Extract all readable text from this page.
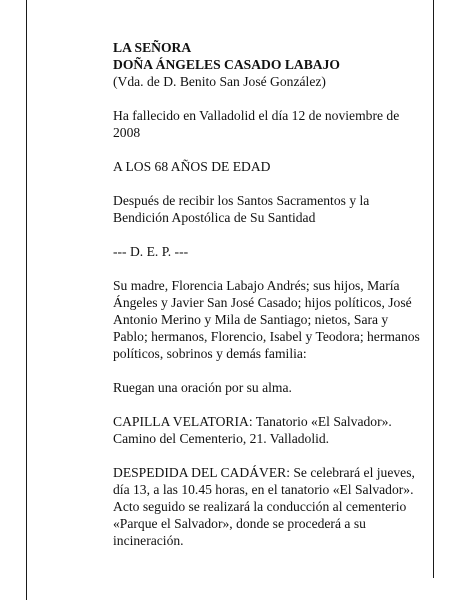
LA SEÑORA
DOÑA ÁNGELES CASADO LABAJO
(Vda. de D. Benito San José González)

Ha fallecido en Valladolid el día 12 de noviembre de 2008

A LOS 68 AÑOS DE EDAD

Después de recibir los Santos Sacramentos y la Bendición Apostólica de Su Santidad

--- D. E. P. ---

Su madre, Florencia Labajo Andrés; sus hijos, María Ángeles y Javier San José Casado; hijos políticos, José Antonio Merino y Mila de Santiago; nietos, Sara y Pablo; hermanos, Florencio, Isabel y Teodora; hermanos políticos, sobrinos y demás familia:

Ruegan una oración por su alma.

CAPILLA VELATORIA: Tanatorio «El Salvador». Camino del Cementerio, 21. Valladolid.

DESPEDIDA DEL CADÁVER: Se celebrará el jueves, día 13, a las 10.45 horas, en el tanatorio «El Salvador». Acto seguido se realizará la conducción al cementerio «Parque el Salvador», donde se procederá a su incineración.
